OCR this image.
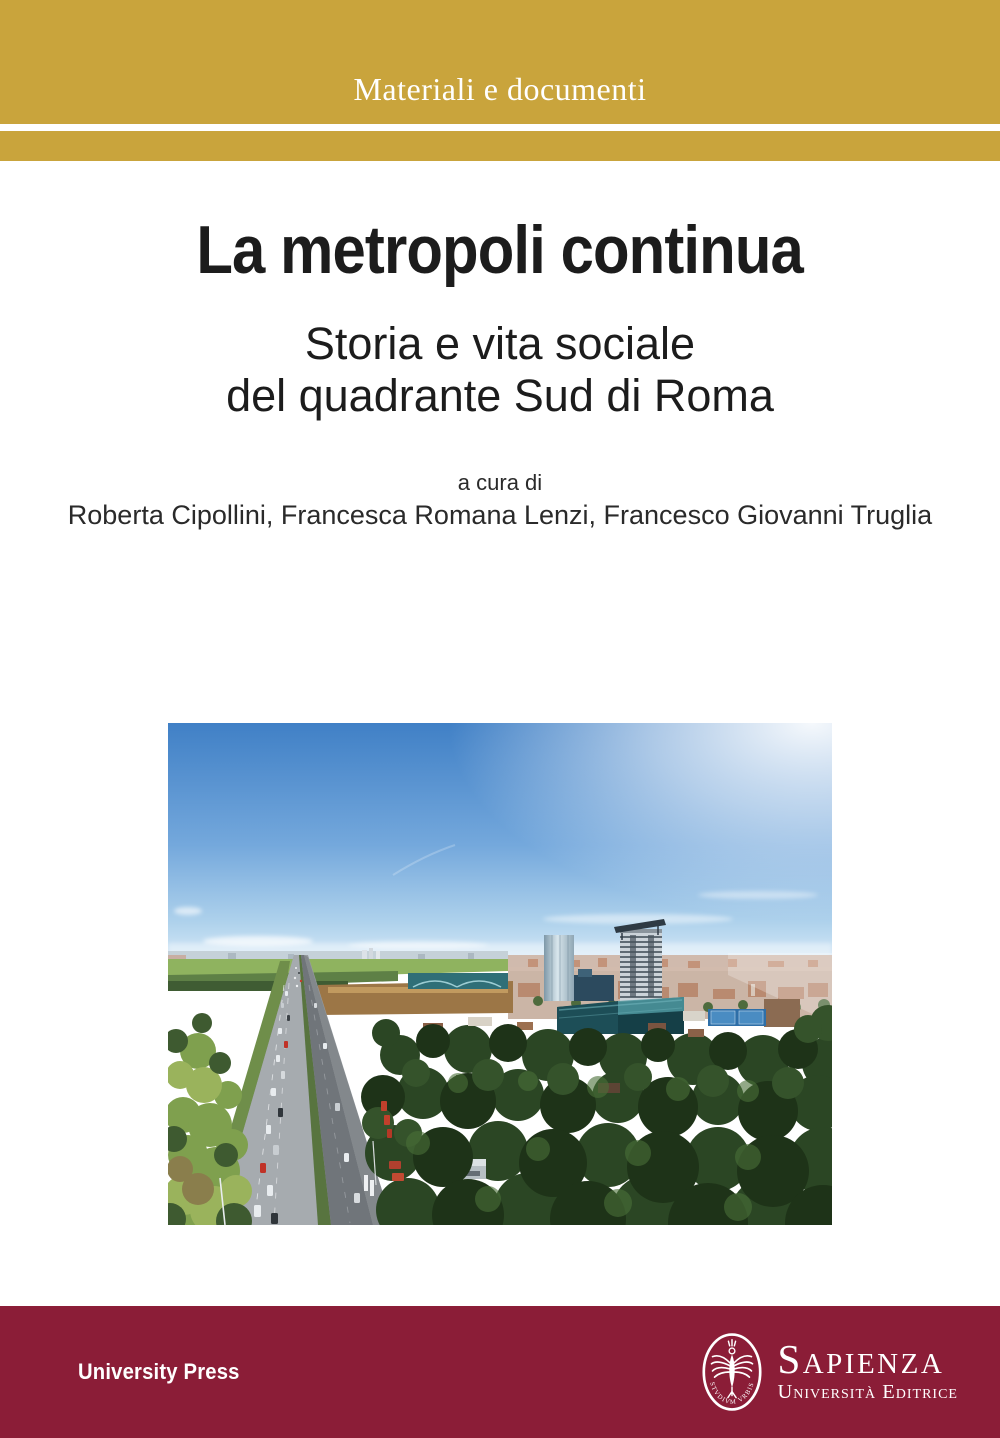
Materiali e documenti
La metropoli continua
Storia e vita sociale
del quadrante Sud di Roma
a cura di
Roberta Cipollini, Francesca Romana Lenzi, Francesco Giovanni Truglia
University Press
STVDIVM VRBIS
Sapienza
Università Editrice
